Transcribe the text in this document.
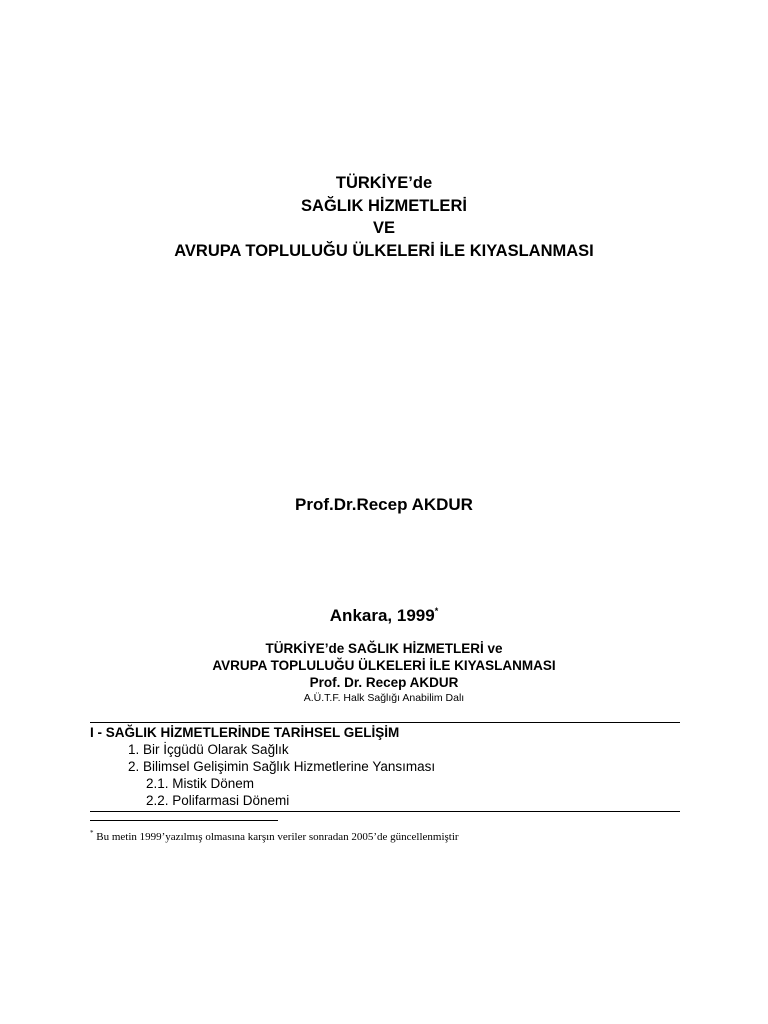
TÜRKİYE’de
SAĞLIK HİZMETLERİ
VE
AVRUPA TOPLULUĞU ÜLKELERİ İLE KIYASLANMASI
Prof.Dr.Recep AKDUR
Ankara, 1999*
TÜRKİYE’de SAĞLIK HİZMETLERİ ve
AVRUPA TOPLULUĞU ÜLKELERİ İLE KIYASLANMASI
Prof. Dr. Recep AKDUR
A.Ü.T.F. Halk Sağlığı Anabilim Dalı
I - SAĞLIK HİZMETLERİNDE TARİHSEL GELİŞİM
1. Bir İçgüdü Olarak Sağlık
2. Bilimsel Gelişimin Sağlık Hizmetlerine Yansıması
2.1. Mistik Dönem
2.2. Polifarmasi Dönemi
* Bu metin 1999’yazılmış olmasına karşın veriler sonradan 2005’de güncellenmiştir
